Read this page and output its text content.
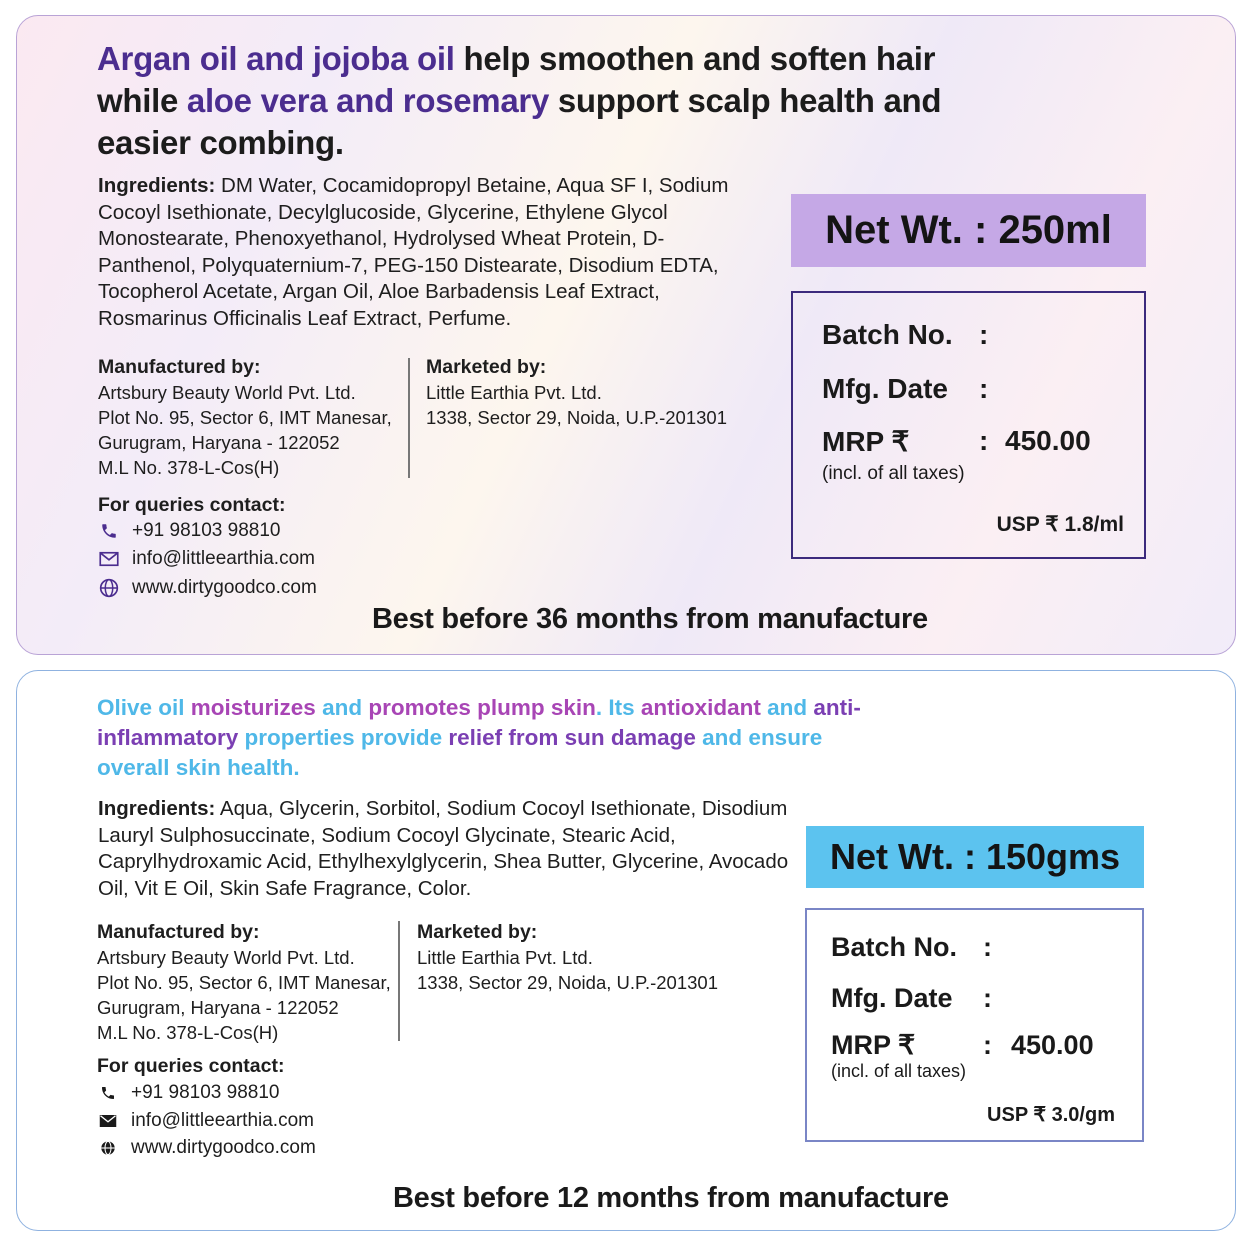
Argan oil and jojoba oil help smoothen and soften hair while aloe vera and rosemary support scalp health and easier combing.
Ingredients: DM Water, Cocamidopropyl Betaine, Aqua SF I, Sodium Cocoyl Isethionate, Decylglucoside, Glycerine, Ethylene Glycol Monostearate, Phenoxyethanol, Hydrolysed Wheat Protein, D-Panthenol, Polyquaternium-7, PEG-150 Distearate, Disodium EDTA, Tocopherol Acetate, Argan Oil, Aloe Barbadensis Leaf Extract, Rosmarinus Officinalis Leaf Extract, Perfume.
Manufactured by:
Artsbury Beauty World Pvt. Ltd.
Plot No. 95, Sector 6, IMT Manesar,
Gurugram, Haryana - 122052
M.L No. 378-L-Cos(H)
Marketed by:
Little Earthia Pvt. Ltd.
1338, Sector 29, Noida, U.P.-201301
For queries contact:
+91 98103 98810
info@littleearthia.com
www.dirtygoodco.com
Net Wt. : 250ml
Batch No. :
Mfg. Date :
MRP ₹ : 450.00
(incl. of all taxes)
USP ₹ 1.8/ml
Best before 36 months from manufacture
Olive oil moisturizes and promotes plump skin. Its antioxidant and anti-inflammatory properties provide relief from sun damage and ensure overall skin health.
Ingredients: Aqua, Glycerin, Sorbitol, Sodium Cocoyl Isethionate, Disodium Lauryl Sulphosuccinate, Sodium Cocoyl Glycinate, Stearic Acid, Caprylhydroxamic Acid, Ethylhexylglycerin, Shea Butter, Glycerine, Avocado Oil, Vit E Oil, Skin Safe Fragrance, Color.
Manufactured by:
Artsbury Beauty World Pvt. Ltd.
Plot No. 95, Sector 6, IMT Manesar,
Gurugram, Haryana - 122052
M.L No. 378-L-Cos(H)
Marketed by:
Little Earthia Pvt. Ltd.
1338, Sector 29, Noida, U.P.-201301
For queries contact:
+91 98103 98810
info@littleearthia.com
www.dirtygoodco.com
Net Wt. : 150gms
Batch No. :
Mfg. Date :
MRP ₹	: 450.00
(incl. of all taxes)
USP ₹ 3.0/gm
Best before 12 months from manufacture
